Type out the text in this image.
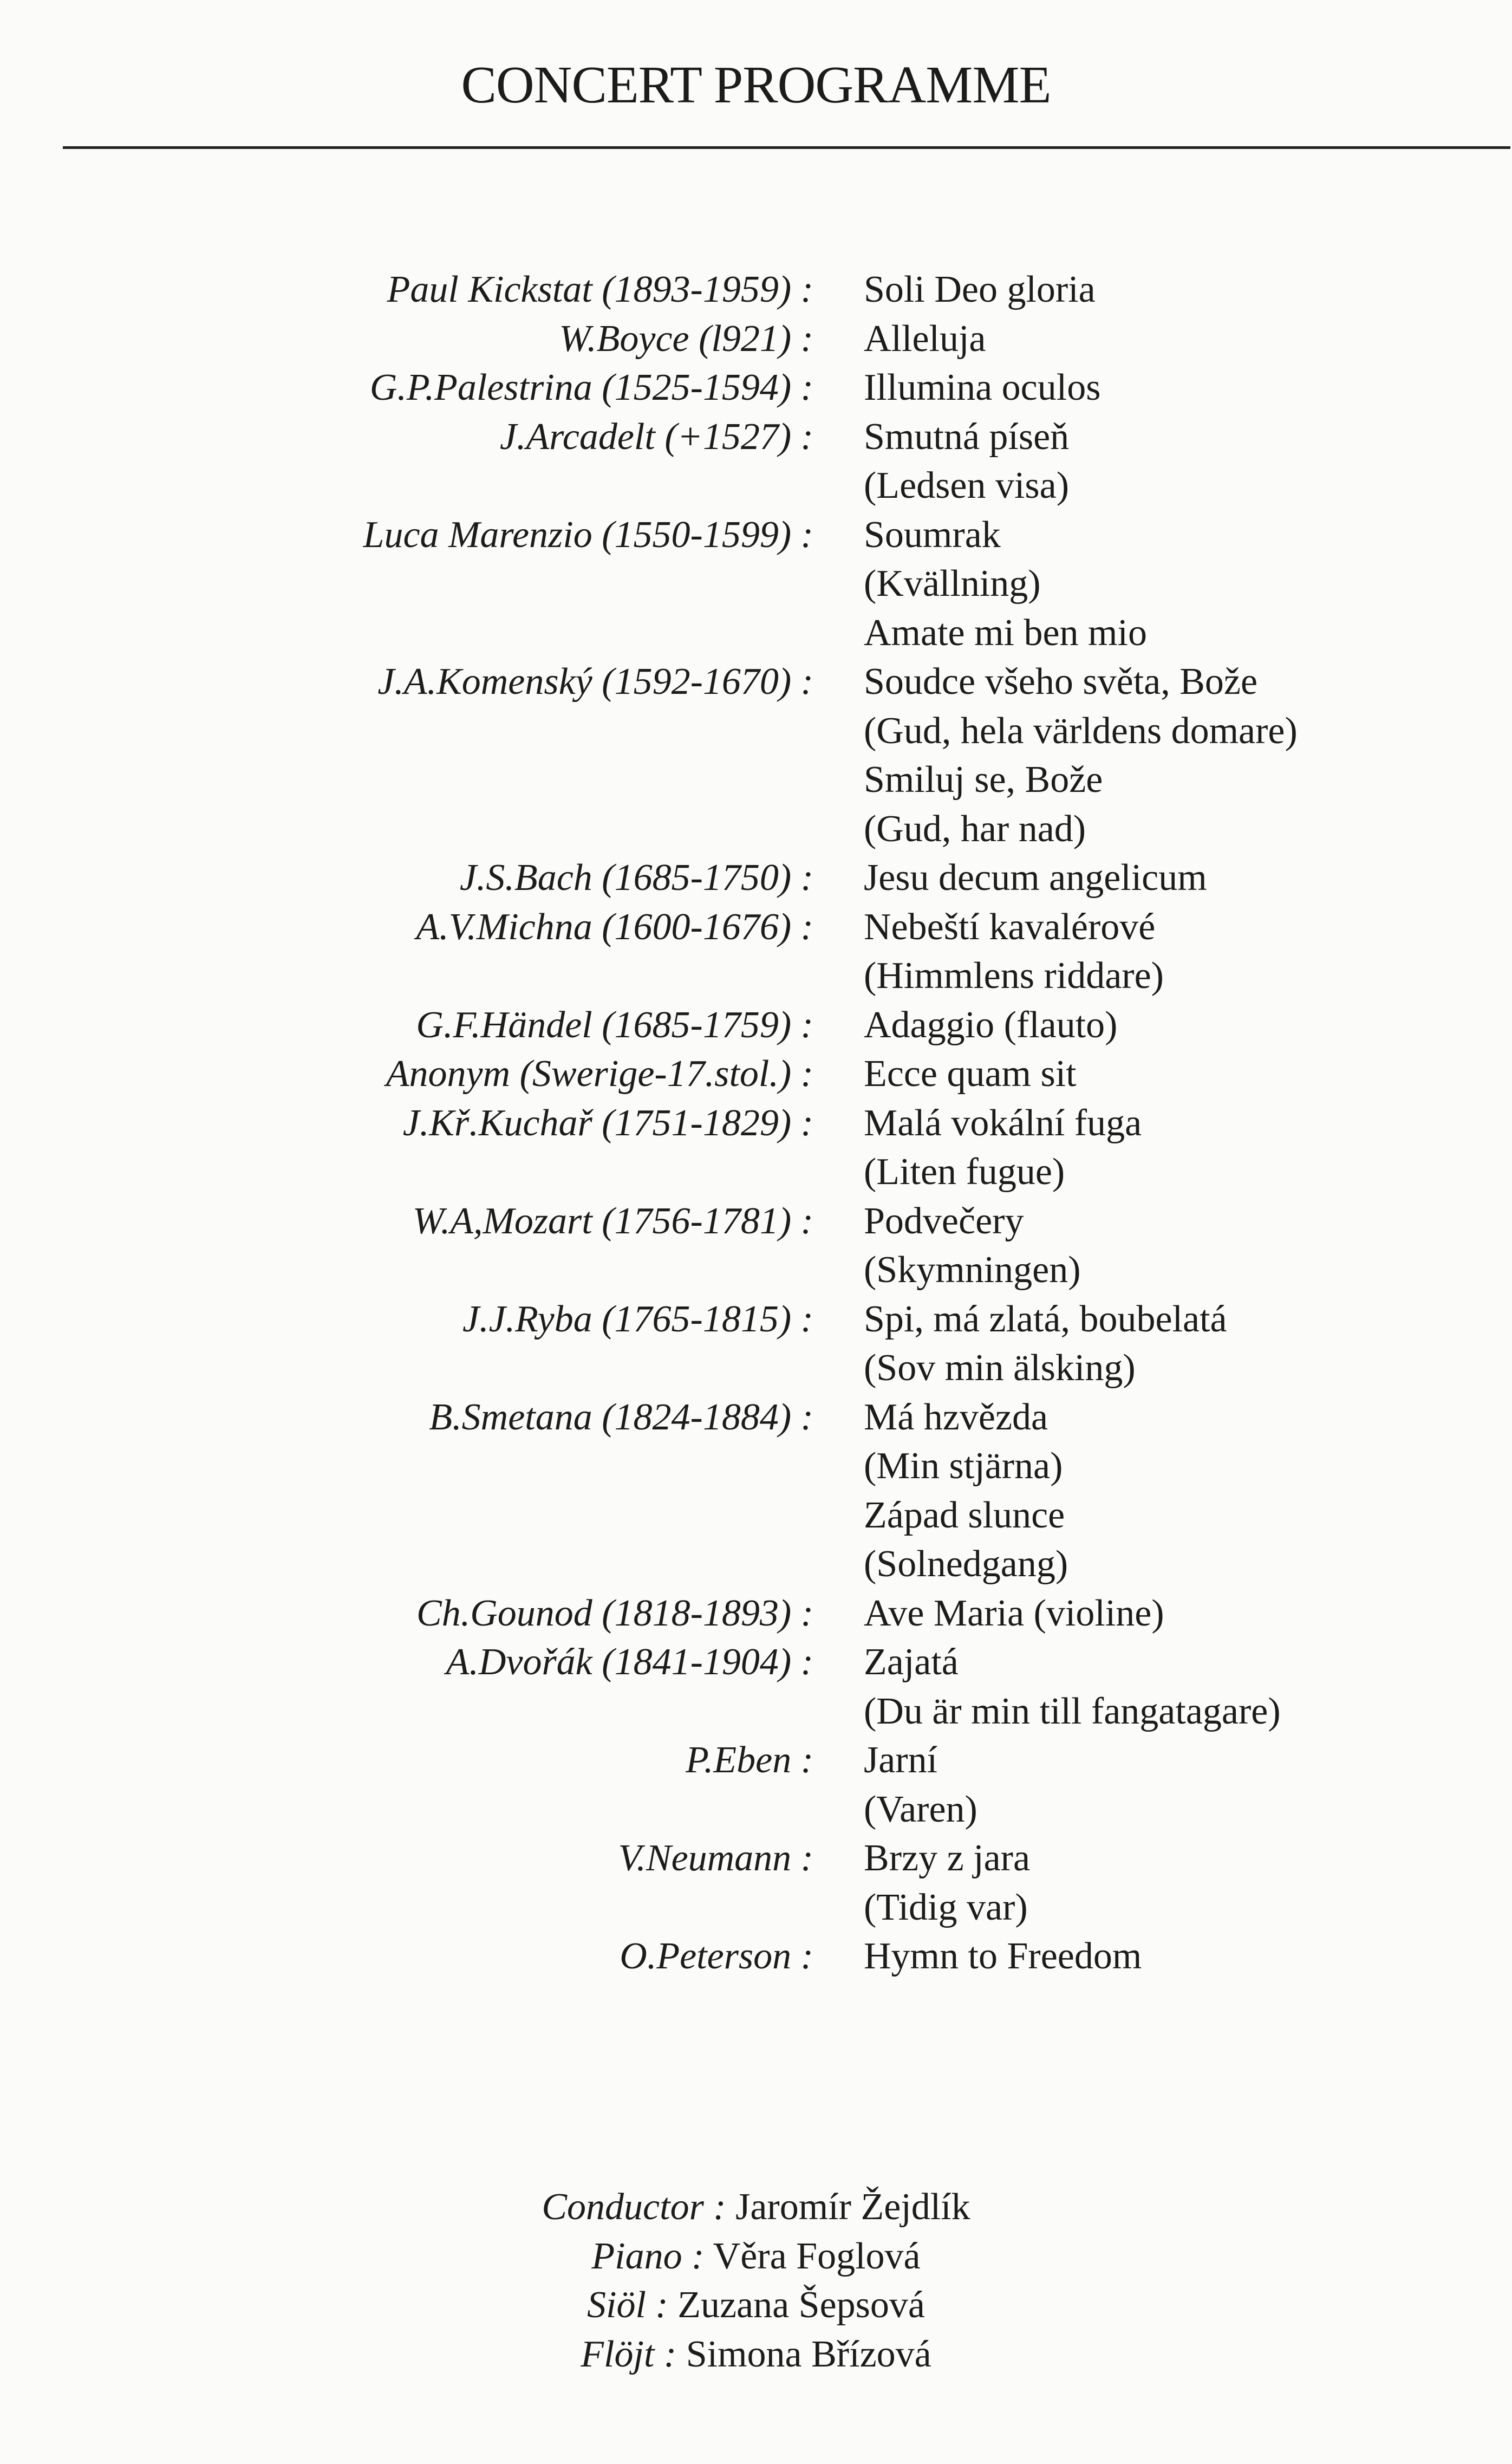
CONCERT PROGRAMME
Paul Kickstat (1893-1959) : Soli Deo gloria
W.Boyce (l921) : Alleluja
G.P.Palestrina (1525-1594) : Illumina oculos
J.Arcadelt (+1527) : Smutná píseň
(Ledsen visa)
Luca Marenzio (1550-1599) : Soumrak
(Kvällning)
Amate mi ben mio
J.A.Komenský (1592-1670) : Soudce všeho světa, Bože
(Gud, hela världens domare)
Smiluj se, Bože
(Gud, har nad)
J.S.Bach (1685-1750) : Jesu decum angelicum
A.V.Michna (1600-1676) : Nebeští kavalérové
(Himmlens riddare)
G.F.Händel (1685-1759) : Adaggio (flauto)
Anonym (Swerige-17.stol.) : Ecce quam sit
J.Kř.Kuchař (1751-1829) : Malá vokální fuga
(Liten fugue)
W.A,Mozart (1756-1781) : Podvečery
(Skymningen)
J.J.Ryba (1765-1815) : Spi, má zlatá, boubelatá
(Sov min älsking)
B.Smetana (1824-1884) : Má hzvězda
(Min stjärna)
Západ slunce
(Solnedgang)
Ch.Gounod (1818-1893) : Ave Maria (violine)
A.Dvořák (1841-1904) : Zajatá
(Du är min till fangatagare)
P.Eben : Jarní
(Varen)
V.Neumann : Brzy z jara
(Tidig var)
O.Peterson : Hymn to Freedom
Conductor : Jaromír Žejdlík
Piano : Věra Foglová
Siöl : Zuzana Šepsová
Flöjt : Simona Břízová
